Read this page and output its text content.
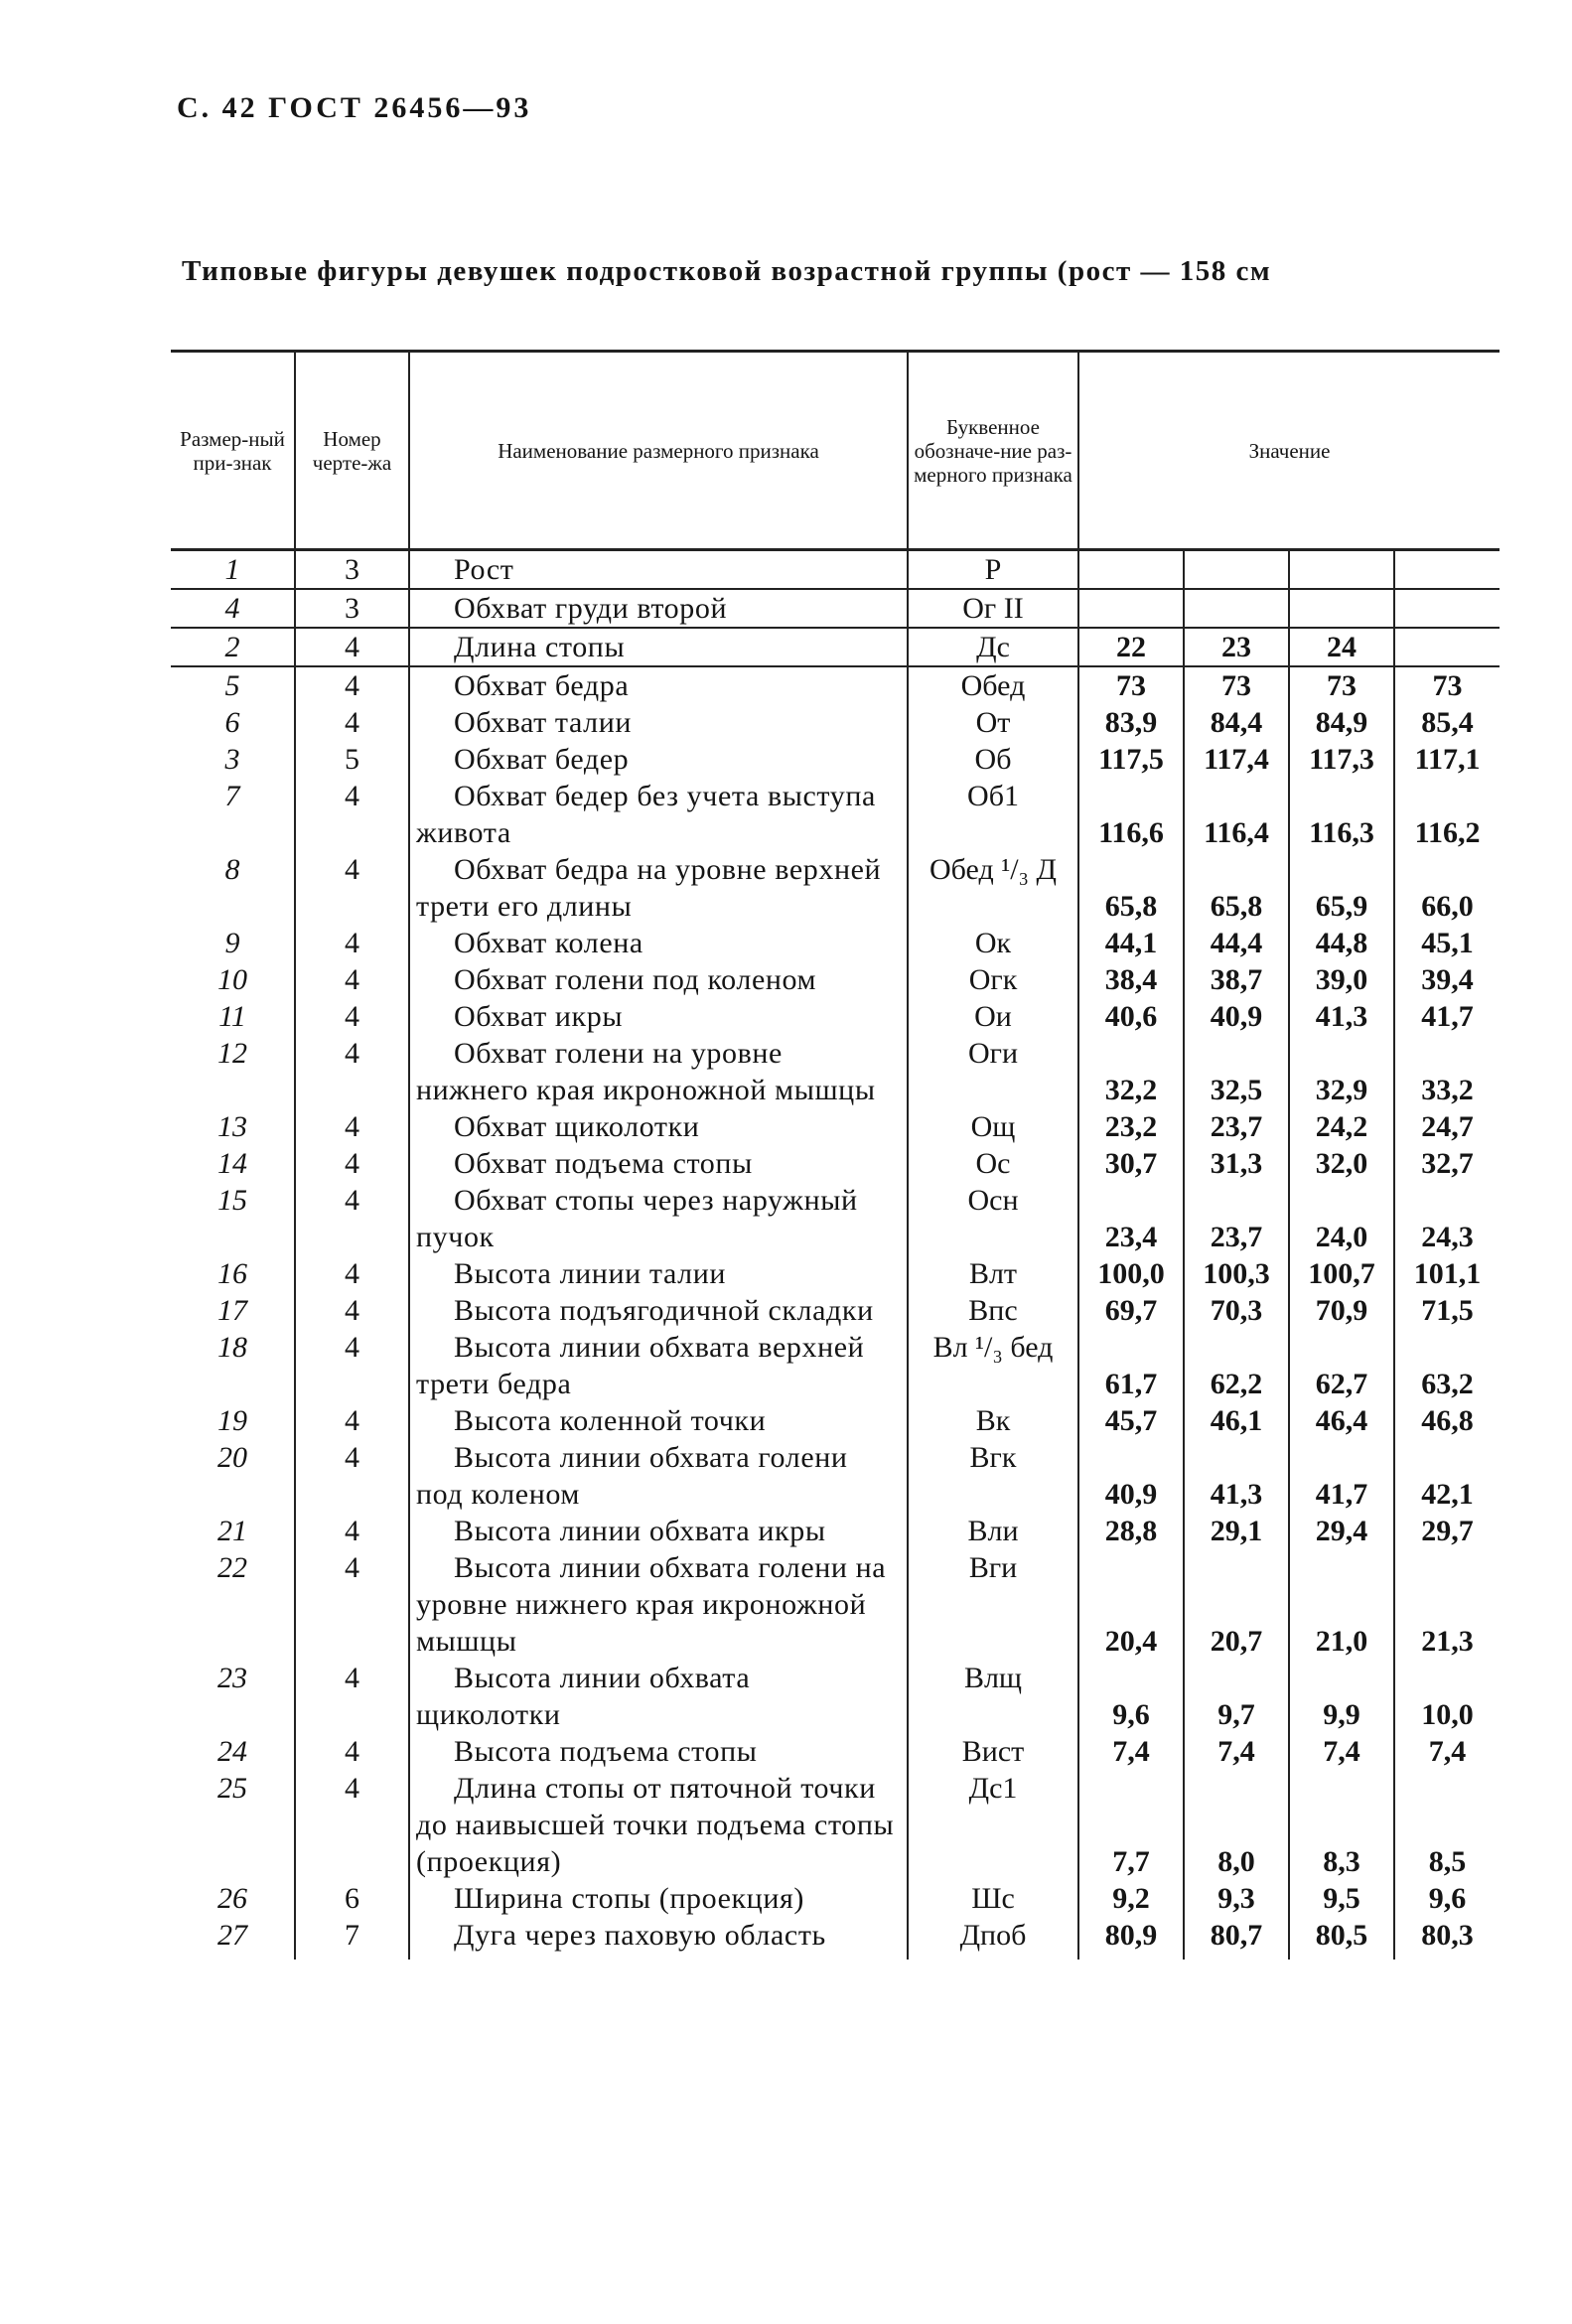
С. 42 ГОСТ 26456—93
Типовые фигуры девушек подростковой возрастной группы (рост — 158 см
Размер-ный при-знак	Номер черте-жа	Наименование размерного признака	Буквенное обозначе-ние раз-мерного признака	Значение			
1	3	Рост	Р				
4	3	Обхват груди второй	Ог II				
2	4	Длина стопы	Дс	22	23	24	
5	4	Обхват бедра	Обед	73	73	73	73
6	4	Обхват талии	От	83,9	84,4	84,9	85,4
3	5	Обхват бедер	Об	117,5	117,4	117,3	117,1
7	4	Обхват бедер без учета выступа живота	Об1	116,6	116,4	116,3	116,2
8	4	Обхват бедра на уровне верхней трети его длины	Обед ¹/₃ Д	65,8	65,8	65,9	66,0
9	4	Обхват колена	Ок	44,1	44,4	44,8	45,1
10	4	Обхват голени под коленом	Огк	38,4	38,7	39,0	39,4
11	4	Обхват икры	Ои	40,6	40,9	41,3	41,7
12	4	Обхват голени на уровне нижнего края икроножной мышцы	Оги	32,2	32,5	32,9	33,2
13	4	Обхват щиколотки	Ощ	23,2	23,7	24,2	24,7
14	4	Обхват подъема стопы	Ос	30,7	31,3	32,0	32,7
15	4	Обхват стопы через наружный пучок	Осн	23,4	23,7	24,0	24,3
16	4	Высота линии талии	Влт	100,0	100,3	100,7	101,1
17	4	Высота подъягодичной складки	Впс	69,7	70,3	70,9	71,5
18	4	Высота линии обхвата верхней трети бедра	Вл ¹/₃ бед	61,7	62,2	62,7	63,2
19	4	Высота коленной точки	Вк	45,7	46,1	46,4	46,8
20	4	Высота линии обхвата голени под коленом	Вгк	40,9	41,3	41,7	42,1
21	4	Высота линии обхвата икры	Вли	28,8	29,1	29,4	29,7
22	4	Высота линии обхвата голени на уровне нижнего края икроножной мышцы	Вги	20,4	20,7	21,0	21,3
23	4	Высота линии обхвата щиколотки	Влщ	9,6	9,7	9,9	10,0
24	4	Высота подъема стопы	Вист	7,4	7,4	7,4	7,4
25	4	Длина стопы от пяточной точки до наивысшей точки подъема стопы (проекция)	Дс1	7,7	8,0	8,3	8,5
26	6	Ширина стопы (проекция)	Шс	9,2	9,3	9,5	9,6
27	7	Дуга через паховую область	Дпоб	80,9	80,7	80,5	80,3
